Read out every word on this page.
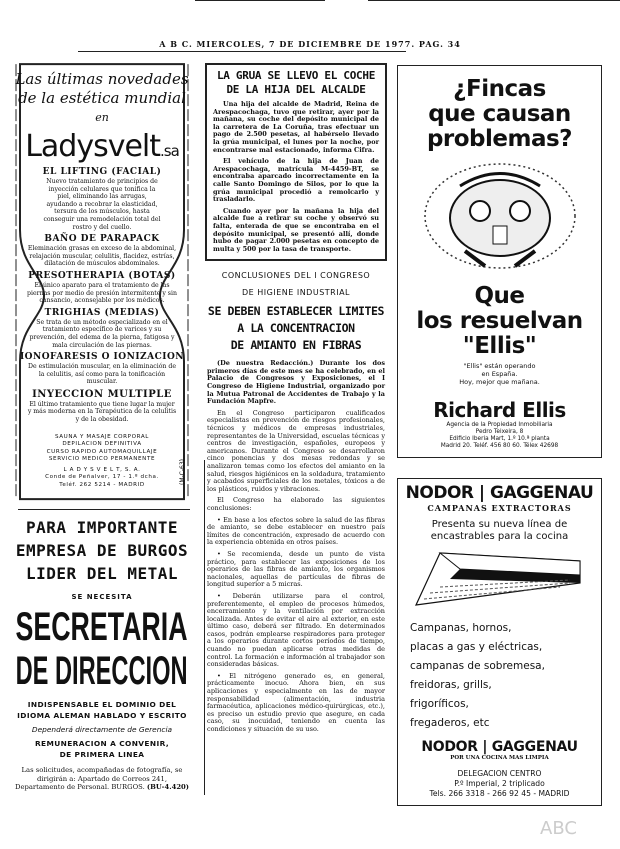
A B C. MIERCOLES, 7 DE DICIEMBRE DE 1977. PAG. 34
Las últimas novedades
de la estética mundial
en
Ladysvelt.sa
EL LIFTING (FACIAL)
Nuevo tratamiento de principios de inyección celulares que tonifica la piel, eliminando las arrugas, ayudando a recobrar la elasticidad, tersura de los músculos, hasta conseguir una remodelación total del rostro y del cuello.
BAÑO DE PARAPACK
Eleminación grasas en exceso de la abdominal, relajación muscular, celulitis, flacidez, estrías, dilatación de músculos abdominales.
PRESOTHERAPIA (BOTAS)
El único aparato para el tratamiento de las piernas por medio de presión intermitente y sin cansancio, aconsejable por los médicos.
TRIGHIAS (MEDIAS)
Se trata de un método especializado en el tratamiento específico de varices y su prevención, del edema de la pierna, fatigosa y mala circulación de las piernas.
IONOFARESIS O IONIZACION
De estimulación muscular, en la eliminación de la celulitis, así como para la tonificación muscular.
INYECCION MULTIPLE
El último tratamiento que tiene lugar la mujer y más moderna en la Terapéutica de la celulitis y de la obesidad.
SAUNA Y MASAJE CORPORAL
DEPILACION DEFINITIVA
CURSO RAPIDO AUTOMAQUILLAJE
SERVICIO MEDICO PERMANENTE
L A D Y S V E L T, S. A.
Conde de Peñalver, 17 - 1.º dcha.
Teléf. 262 5214 - MADRID	(M-C-63)
PARA IMPORTANTE
EMPRESA DE BURGOS
LIDER DEL METAL
SE NECESITA
SECRETARIA
DE DIRECCION
INDISPENSABLE EL DOMINIO DEL
IDIOMA ALEMAN HABLADO Y ESCRITO
Dependerá directamente de Gerencia
REMUNERACION A CONVENIR,
DE PRIMERA LINEA
Las solicitudes, acompañadas de fotografía, se dirigirán a: Apartado de Correos 241, Departamento de Personal. BURGOS. (BU-4.420)
LA GRUA SE LLEVO EL COCHE DE LA HIJA DEL ALCALDE

Una hija del alcalde de Madrid, Reina de Arespacochaga, tuvo que retirar, ayer por la mañana, su coche del depósito municipal de la carretera de La Coruña, tras efectuar un pago de 2.500 pesetas, al habérselo llevado la grúa municipal, el lunes por la noche, por encontrarse mal estacionado, informa Cifra.

El vehículo de la hija de Juan de Arespacochaga, matrícula M-4459-BT, se encontraba aparcado incorrectamente en la calle Santo Domingo de Silos, por lo que la grúa municipal procedió a remolcarlo y trasladarlo.

Cuando ayer por la mañana la hija del alcalde fue a retirar su coche y observó su falta, enterada de que se encontraba en el depósito municipal, se presentó allí, donde hubo de pagar 2.000 pesetas en concepto de multa y 500 por la tasa de transporte.

CONCLUSIONES DEL I CONGRESO
DE HIGIENE INDUSTRIAL
SE DEBEN ESTABLECER LIMITES
A LA CONCENTRACION
DE AMIANTO EN FIBRAS

(De nuestra Redacción.) Durante los dos primeros días de este mes se ha celebrado, en el Palacio de Congresos y Exposiciones, el I Congreso de Higiene Industrial, organizado por la Mutua Patronal de Accidentes de Trabajo y la Fundación Mapfre.

En el Congreso participaron cualificados especialistas en prevención de riesgos profesionales, técnicos y médicos de empresas industriales, representantes de la Universidad, escuelas técnicas y centros de investigación, españoles, europeos y americanos. Durante el Congreso se desarrollaron cinco ponencias y dos mesas redondas y se analizaron temas como los efectos del amianto en la salud, riesgos higiénicos en la soldadura, tratamiento y acabados superficiales de los metales, tóxicos a de los plásticos, ruidos y vibraciones.

El Congreso ha elaborado las siguientes conclusiones:

• En base a los efectos sobre la salud de las fibras de amianto, se debe establecer en nuestro país límites de concentración, expresado de acuerdo con la experiencia obtenida en otros países.

• Se recomienda, desde un punto de vista práctico, para establecer las exposiciones de los operarios de las fibras de amianto, los organismos nacionales, aquellas de partículas de fibras de longitud superior a 5 micras.

• Deberán utilizarse para el control, preferentemente, el empleo de procesos húmedos, encerramiento y la ventilación por extracción localizada. Antes de evitar el aire al exterior, en este último caso, deberá ser filtrado. En determinados casos, podrán emplearse respiradores para proteger a los operarios durante cortos períodos de tiempo, cuando no puedan aplicarse otras medidas de control. La formación e información al trabajador son consideradas básicas.

• El nitrógeno generado es, en general, prácticamente inocuo. Ahora bien, en sus aplicaciones y especialmente en las de mayor responsabilidad (alimentación, industria farmacéutica, aplicaciones médico-quirúrgicas, etc.), es preciso un estudio previo que asegure, en cada caso, su inocuidad, teniendo en cuenta las condiciones y situación de su uso.

¿Fincas
que causan
problemas?
Que
los resuelvan
"Ellis"
"Ellis" están operando
en España.
Hoy, mejor que mañana.
Richard Ellis
Agencia de la Propiedad Inmobiliaria
Pedro Teixeira, 8
Edificio Iberia Mart, 1.º 10.ª planta
Madrid 20. Teléf. 456 80 60. Télex 42698
NODOR | GAGGENAU
CAMPANAS EXTRACTORAS
Presenta su nueva línea de
encastrables para la cocina
Campanas, hornos,
placas a gas y eléctricas,
campanas de sobremesa,
freidoras, grills,
frigoríficos,
fregaderos, etc
NODOR | GAGGENAU
POR UNA COCINA MAS LIMPIA
DELEGACION CENTRO
P.º Imperial, 2 triplicado
Tels. 266 3318 - 266 92 45 - MADRID
ABC
